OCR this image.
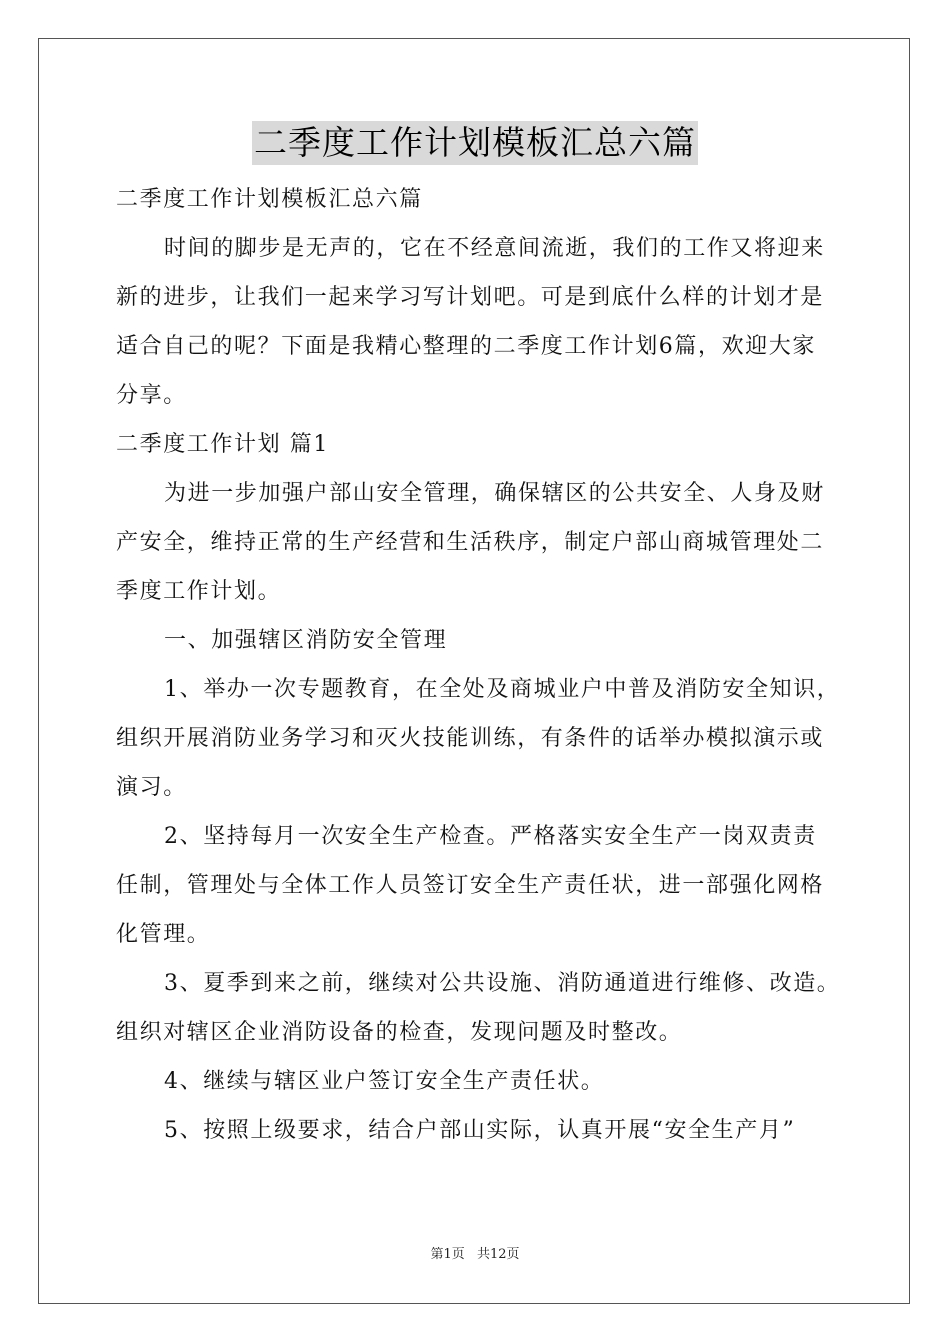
二季度工作计划模板汇总六篇

二季度工作计划模板汇总六篇

时间的脚步是无声的，它在不经意间流逝，我们的工作又将迎来

新的进步，让我们一起来学习写计划吧。可是到底什么样的计划才是

适合自己的呢？下面是我精心整理的二季度工作计划6篇，欢迎大家

分享。

二季度工作计划 篇1

为进一步加强户部山安全管理，确保辖区的公共安全、人身及财

产安全，维持正常的生产经营和生活秩序，制定户部山商城管理处二

季度工作计划。

一、加强辖区消防安全管理

1、举办一次专题教育，在全处及商城业户中普及消防安全知识，

组织开展消防业务学习和灭火技能训练，有条件的话举办模拟演示或

演习。

2、坚持每月一次安全生产检查。严格落实安全生产一岗双责责

任制，管理处与全体工作人员签订安全生产责任状，进一部强化网格

化管理。

3、夏季到来之前，继续对公共设施、消防通道进行维修、改造。

组织对辖区企业消防设备的检查，发现问题及时整改。

4、继续与辖区业户签订安全生产责任状。

5、按照上级要求，结合户部山实际，认真开展“安全生产月”

第1页 共12页
